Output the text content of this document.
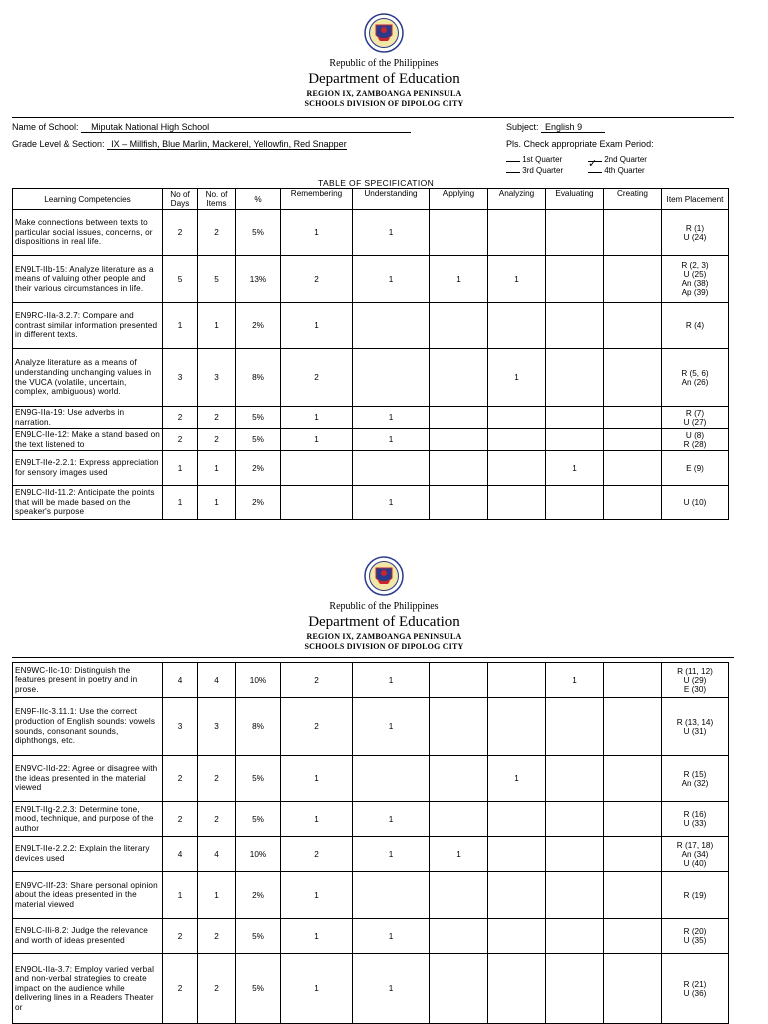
Republic of the Philippines
Department of Education
REGION IX, ZAMBOANGA PENINSULA
SCHOOLS DIVISION OF DIPOLOG CITY
Name of School: Miputak National High School
Grade Level & Section: IX – Millfish, Blue Marlin, Mackerel, Yellowfin, Red Snapper
Subject: English 9
Pls. Check appropriate Exam Period:
1st Quarter ✓ 2nd Quarter
3rd Quarter	4th Quarter
TABLE OF SPECIFICATION
Learning Competencies	No of Days	No. of Items	%	Remembering	Understanding	Applying	Analyzing	Evaluating	Creating	Item Placement
Make connections between texts to particular social issues, concerns, or dispositions in real life.	2	2	5%	1	1					R (1)
U (24)
EN9LT-IIb-15: Analyze literature as a means of valuing other people and their various circumstances in life.	5	5	13%	2	1	1	1			R (2, 3)
U (25)
An (38)
Ap (39)
EN9RC-IIa-3.2.7: Compare and contrast similar information presented in different texts.	1	1	2%	1						R (4)
Analyze literature as a means of understanding unchanging values in the VUCA (volatile, uncertain, complex, ambiguous) world.	3	3	8%	2			1			R (5, 6)
An (26)
EN9G-IIa-19: Use adverbs in narration.	2	2	5%	1	1					R (7)
U (27)
EN9LC-IIe-12: Make a stand based on the text listened to	2	2	5%	1	1					U (8)
R (28)
EN9LT-IIe-2.2.1: Express appreciation for sensory images used	1	1	2%					1		E (9)
EN9LC-IId-11.2: Anticipate the points that will be made based on the speaker's purpose	1	1	2%		1					U (10)
Republic of the Philippines
Department of Education
REGION IX, ZAMBOANGA PENINSULA
SCHOOLS DIVISION OF DIPOLOG CITY
EN9WC-IIc-10: Distinguish the features present in poetry and in prose.	4	4	10%	2	1			1		R (11, 12)
U (29)
E (30)
EN9F-IIc-3.11.1: Use the correct production of English sounds: vowels sounds, consonant sounds, diphthongs, etc.	3	3	8%	2	1					R (13, 14)
U (31)
EN9VC-IId-22: Agree or disagree with the ideas presented in the material viewed	2	2	5%	1			1			R (15)
An (32)
EN9LT-IIg-2.2.3: Determine tone, mood, technique, and purpose of the author	2	2	5%	1	1					R (16)
U (33)
EN9LT-IIe-2.2.2: Explain the literary devices used	4	4	10%	2	1	1				R (17, 18)
An (34)
U (40)
EN9VC-IIf-23: Share personal opinion about the ideas presented in the material viewed	1	1	2%	1						R (19)
EN9LC-IIi-8.2: Judge the relevance and worth of ideas presented	2	2	5%	1	1					R (20)
U (35)
EN9OL-IIa-3.7: Employ varied verbal and non-verbal strategies to create impact on the audience while delivering lines in a Readers Theater or	2	2	5%	1	1					R (21)
U (36)
